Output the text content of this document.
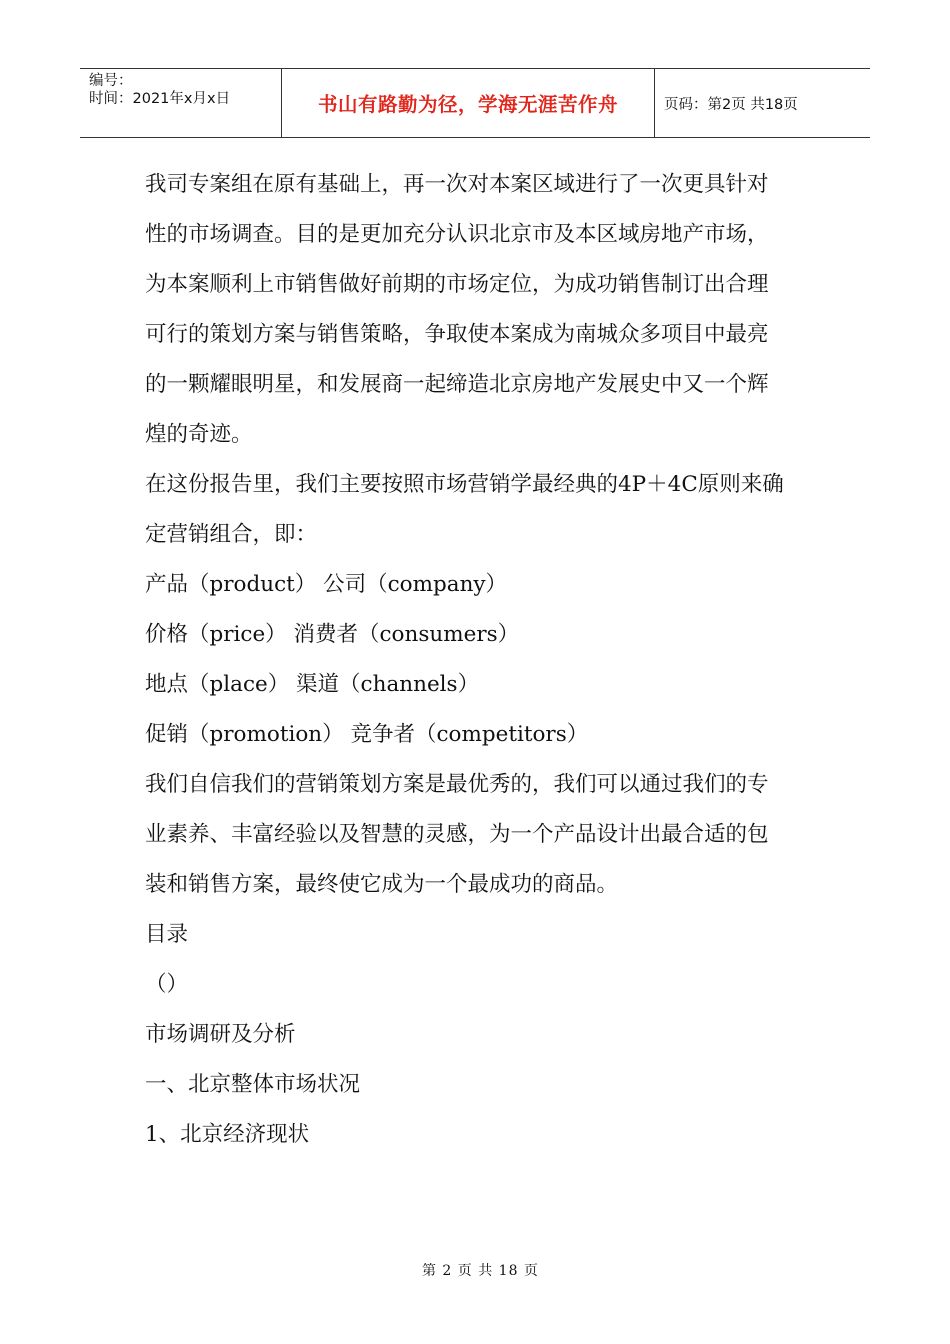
编号：
时间：2021年x月x日	书山有路勤为径，学海无涯苦作舟	页码：第2页 共18页

我司专案组在原有基础上，再一次对本案区域进行了一次更具针对

性的市场调查。目的是更加充分认识北京市及本区域房地产市场，

为本案顺利上市销售做好前期的市场定位，为成功销售制订出合理

可行的策划方案与销售策略，争取使本案成为南城众多项目中最亮

的一颗耀眼明星，和发展商一起缔造北京房地产发展史中又一个辉

煌的奇迹。

在这份报告里，我们主要按照市场营销学最经典的4P＋4C原则来确

定营销组合，即：

产品（product） 公司（company）

价格（price） 消费者（consumers）

地点（place） 渠道（channels）

促销（promotion） 竞争者（competitors）

我们自信我们的营销策划方案是最优秀的，我们可以通过我们的专

业素养、丰富经验以及智慧的灵感，为一个产品设计出最合适的包

装和销售方案，最终使它成为一个最成功的商品。

目录

（）

市场调研及分析

一、北京整体市场状况

1、北京经济现状

第 2 页 共 18 页
